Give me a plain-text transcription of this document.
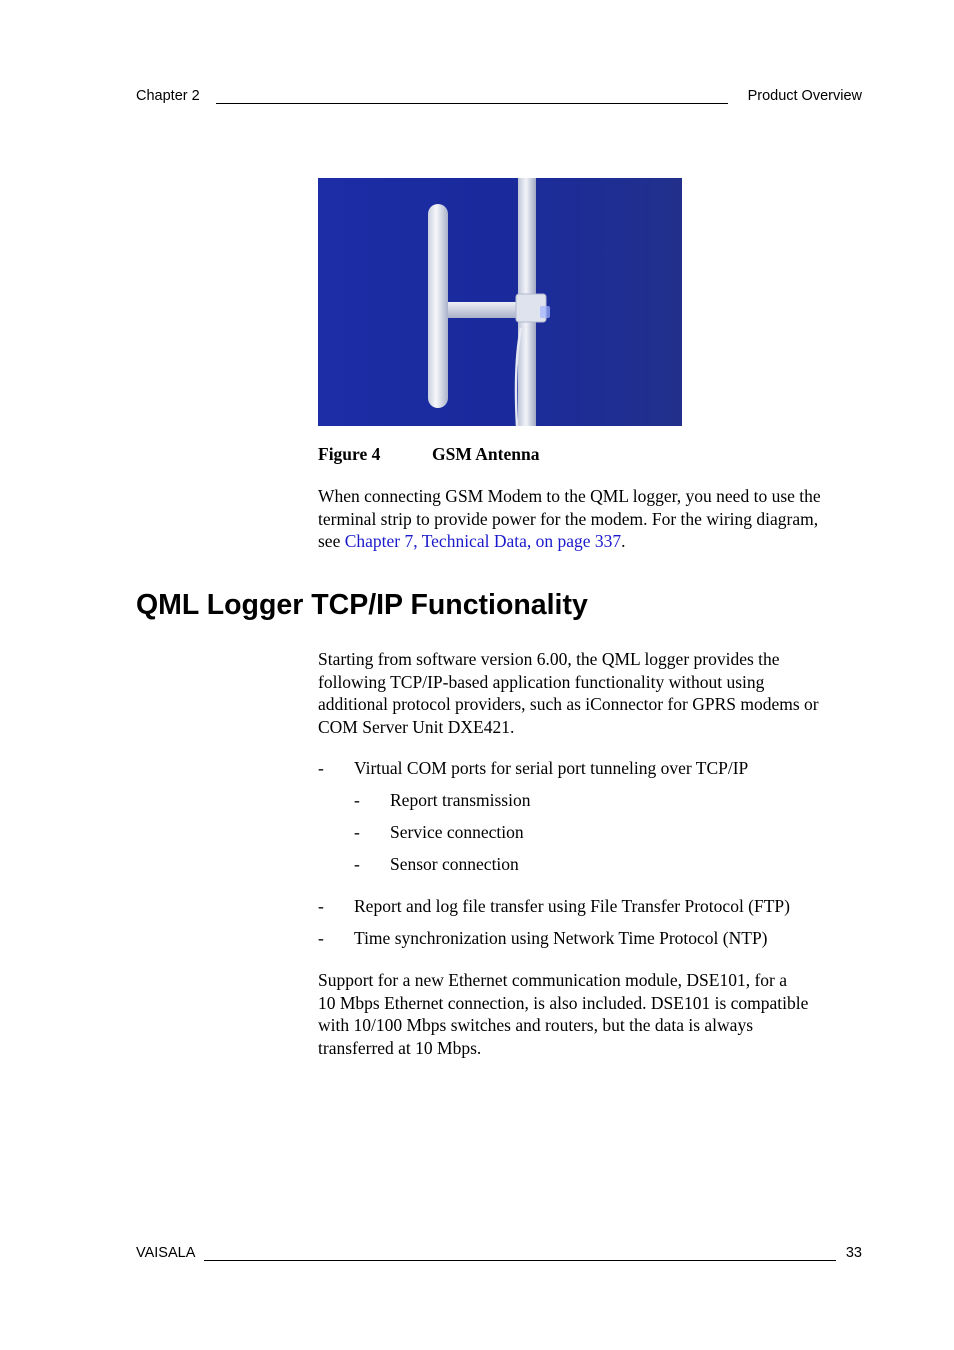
Chapter 2	Product Overview
Figure 4	GSM Antenna
When connecting GSM Modem to the QML logger, you need to use the
terminal strip to provide power for the modem. For the wiring diagram,
see Chapter 7, Technical Data, on page 337.
QML Logger TCP/IP Functionality
Starting from software version 6.00, the QML logger provides the
following TCP/IP-based application functionality without using
additional protocol providers, such as iConnector for GPRS modems or
COM Server Unit DXE421.
- Virtual COM ports for serial port tunneling over TCP/IP
- Report transmission
- Service connection
- Sensor connection
- Report and log file transfer using File Transfer Protocol (FTP)
- Time synchronization using Network Time Protocol (NTP)
Support for a new Ethernet communication module, DSE101, for a
10 Mbps Ethernet connection, is also included. DSE101 is compatible
with 10/100 Mbps switches and routers, but the data is always
transferred at 10 Mbps.
VAISALA	33
